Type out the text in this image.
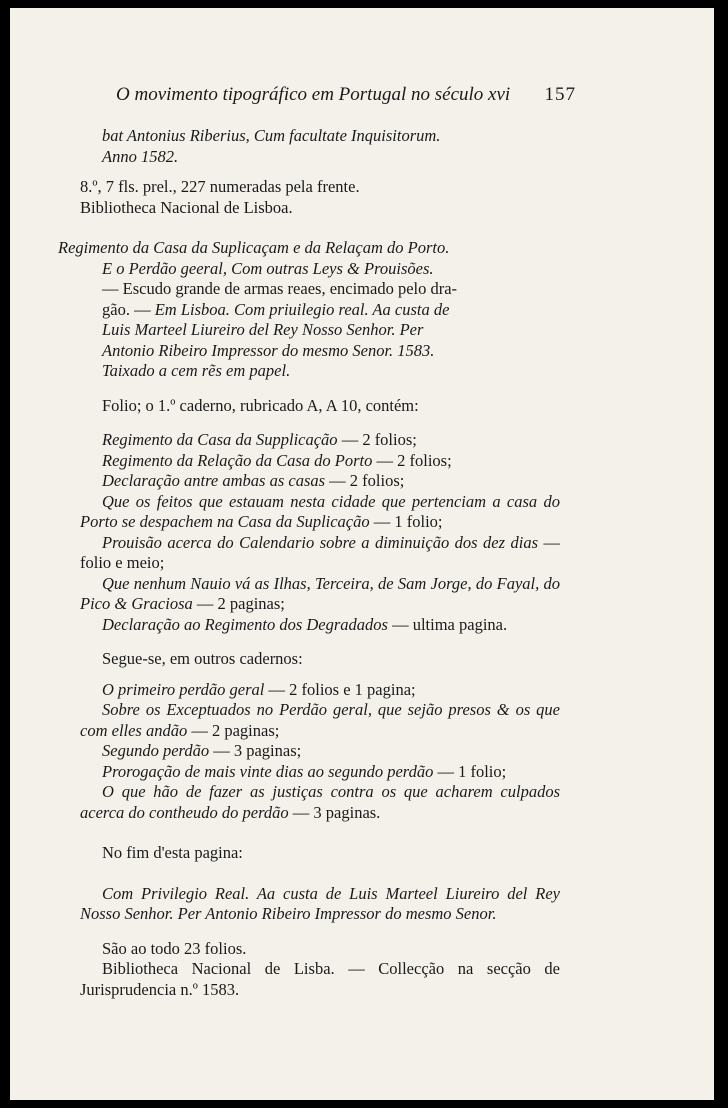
O movimento tipográfico em Portugal no século xvi 157

bat Antonius Riberius, Cum facultate Inquisitorum.

Anno 1582.

8.º, 7 fls. prel., 227 numeradas pela frente.

Bibliotheca Nacional de Lisboa.

Regimento da Casa da Suplicaçam e da Relaçam do Porto.

E o Perdão geeral, Com outras Leys & Prouisões.

— Escudo grande de armas reaes, encimado pelo dra-

gão. — Em Lisboa. Com priuilegio real. Aa custa de

Luis Marteel Liureiro del Rey Nosso Senhor. Per

Antonio Ribeiro Impressor do mesmo Senor. 1583.

Taixado a cem rẽs em papel.

Folio; o 1.º caderno, rubricado A, A 10, contém:

Regimento da Casa da Supplicação — 2 folios;

Regimento da Relação da Casa do Porto — 2 folios;

Declaração antre ambas as casas — 2 folios;

Que os feitos que estauam nesta cidade que pertenciam a casa do Porto se despachem na Casa da Suplicação — 1 folio;

Prouisão acerca do Calendario sobre a diminuição dos dez dias — folio e meio;

Que nenhum Nauio vá as Ilhas, Terceira, de Sam Jorge, do Fayal, do Pico & Graciosa — 2 paginas;

Declaração ao Regimento dos Degradados — ultima pagina.

Segue-se, em outros cadernos:

O primeiro perdão geral — 2 folios e 1 pagina;

Sobre os Exceptuados no Perdão geral, que sejão presos & os que com elles andão — 2 paginas;

Segundo perdão — 3 paginas;

Prorogação de mais vinte dias ao segundo perdão — 1 folio;

O que hão de fazer as justiças contra os que acharem culpados acerca do contheudo do perdão — 3 paginas.

No fim d'esta pagina:

Com Privilegio Real. Aa custa de Luis Marteel Liureiro del Rey Nosso Senhor. Per Antonio Ribeiro Impressor do mesmo Senor.

São ao todo 23 folios.

Bibliotheca Nacional de Lisba. — Collecção na secção de Jurisprudencia n.º 1583.
